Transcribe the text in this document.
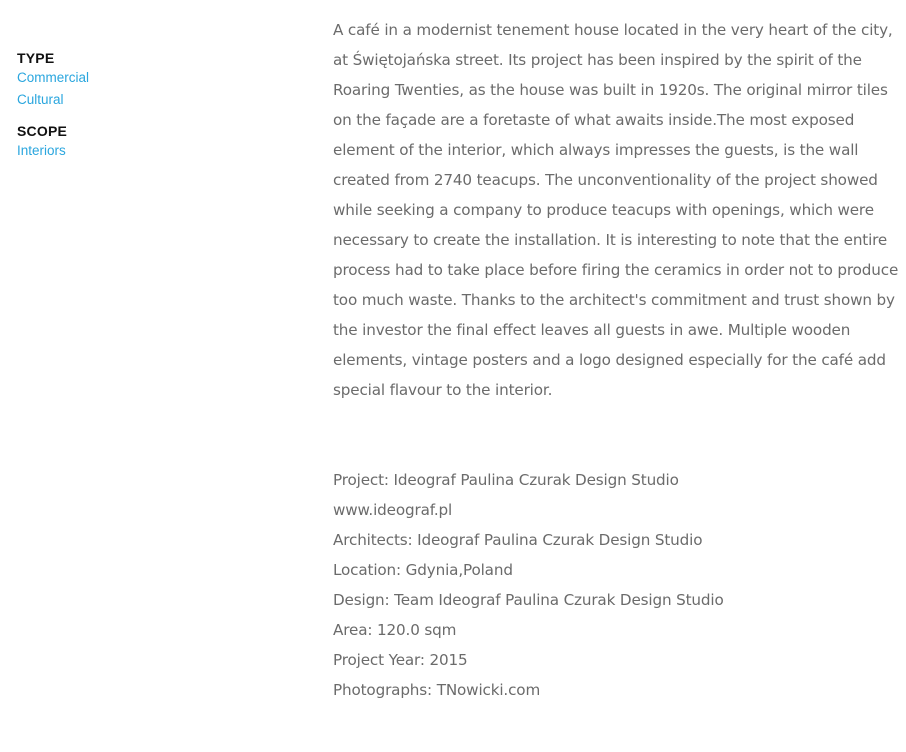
TYPE
Commercial
Cultural
SCOPE
Interiors

A café in a modernist tenement house located in the very heart of the city, at Świętojańska street. Its project has been inspired by the spirit of the Roaring Twenties, as the house was built in 1920s. The original mirror tiles on the façade are a foretaste of what awaits inside.The most exposed element of the interior, which always impresses the guests, is the wall created from 2740 teacups. The unconventionality of the project showed while seeking a company to produce teacups with openings, which were necessary to create the installation. It is interesting to note that the entire process had to take place before firing the ceramics in order not to produce too much waste. Thanks to the architect's commitment and trust shown by the investor the final effect leaves all guests in awe. Multiple wooden elements, vintage posters and a logo designed especially for the café add special flavour to the interior.

Project: Ideograf Paulina Czurak Design Studio
www.ideograf.pl
Architects: Ideograf Paulina Czurak Design Studio
Location: Gdynia,Poland
Design: Team Ideograf Paulina Czurak Design Studio
Area: 120.0 sqm
Project Year: 2015
Photographs: TNowicki.com
